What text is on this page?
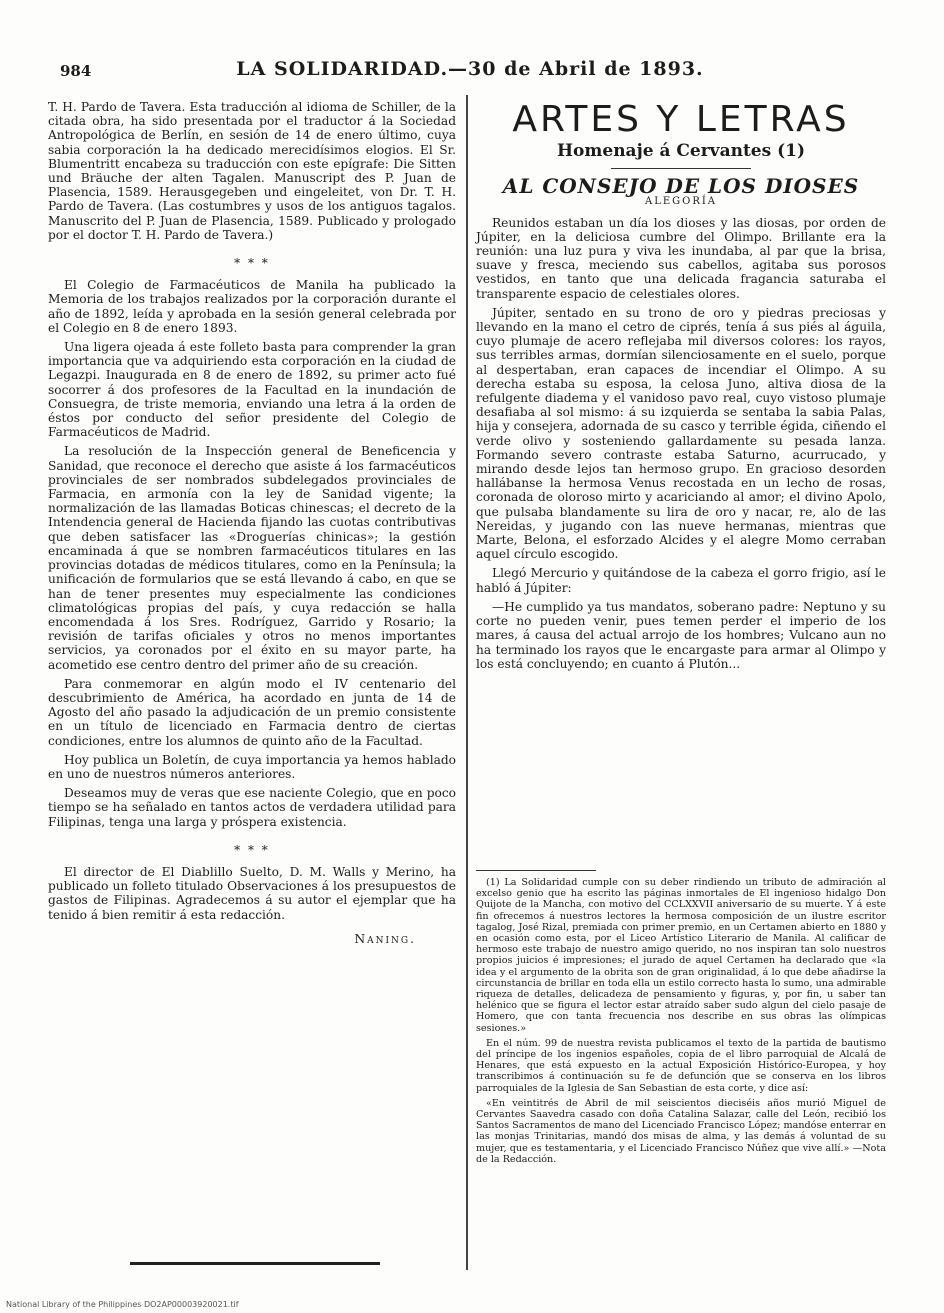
984	LA SOLIDARIDAD.—30 de Abril de 1893.

T. H. Pardo de Tavera. Esta traducción al idioma de Schiller, de la citada obra, ha sido presentada por el traductor á la Sociedad Antropológica de Berlín, en sesión de 14 de enero último, cuya sabia corporación la ha dedicado merecidísimos elogios. El Sr. Blumentritt encabeza su traducción con este epígrafe: Die Sitten und Bräuche der alten Tagalen. Manuscript des P. Juan de Plasencia, 1589. Herausgegeben und eingeleitet, von Dr. T. H. Pardo de Tavera. (Las costumbres y usos de los antiguos tagalos. Manuscrito del P. Juan de Plasencia, 1589. Publicado y prologado por el doctor T. H. Pardo de Tavera.)

* * *

El Colegio de Farmacéuticos de Manila ha publicado la Memoria de los trabajos realizados por la corporación durante el año de 1892, leída y aprobada en la sesión general celebrada por el Colegio en 8 de enero 1893.

Una ligera ojeada á este folleto basta para comprender la gran importancia que va adquiriendo esta corporación en la ciudad de Legazpi. Inaugurada en 8 de enero de 1892, su primer acto fué socorrer á dos profesores de la Facultad en la inundación de Consuegra, de triste memoria, enviando una letra á la orden de éstos por conducto del señor presidente del Colegio de Farmacéuticos de Madrid.

La resolución de la Inspección general de Beneficencia y Sanidad, que reconoce el derecho que asiste á los farmacéuticos provinciales de ser nombrados subdelegados provinciales de Farmacia, en armonía con la ley de Sanidad vigente; la normalización de las llamadas Boticas chinescas; el decreto de la Intendencia general de Hacienda fijando las cuotas contributivas que deben satisfacer las «Droguerías chinicas»; la gestión encaminada á que se nombren farmacéuticos titulares en las provincias dotadas de médicos titulares, como en la Península; la unificación de formularios que se está llevando á cabo, en que se han de tener presentes muy especialmente las condiciones climatológicas propias del país, y cuya redacción se halla encomendada á los Sres. Rodríguez, Garrido y Rosario; la revisión de tarifas oficiales y otros no menos importantes servicios, ya coronados por el éxito en su mayor parte, ha acometido ese centro dentro del primer año de su creación.

Para conmemorar en algún modo el IV centenario del descubrimiento de América, ha acordado en junta de 14 de Agosto del año pasado la adjudicación de un premio consistente en un título de licenciado en Farmacia dentro de ciertas condiciones, entre los alumnos de quinto año de la Facultad.

Hoy publica un Boletín, de cuya importancia ya hemos hablado en uno de nuestros números anteriores.

Deseamos muy de veras que ese naciente Colegio, que en poco tiempo se ha señalado en tantos actos de verdadera utilidad para Filipinas, tenga una larga y próspera existencia.

* * *

El director de El Diablillo Suelto, D. M. Walls y Merino, ha publicado un folleto titulado Observaciones á los presupuestos de gastos de Filipinas. Agradecemos á su autor el ejemplar que ha tenido á bien remitir á esta redacción.

Naning.
ARTES Y LETRAS
Homenaje á Cervantes (1)
AL CONSEJO DE LOS DIOSES
ALEGORÍA

Reunidos estaban un día los dioses y las diosas, por orden de Júpiter, en la deliciosa cumbre del Olimpo. Brillante era la reunión: una luz pura y viva les inundaba, al par que la brisa, suave y fresca, meciendo sus cabellos, agitaba sus porosos vestidos, en tanto que una delicada fragancia saturaba el transparente espacio de celestiales olores.

Júpiter, sentado en su trono de oro y piedras preciosas y llevando en la mano el cetro de ciprés, tenía á sus piés al águila, cuyo plumaje de acero reflejaba mil diversos colores: los rayos, sus terribles armas, dormían silenciosamente en el suelo, porque al despertaban, eran capaces de incendiar el Olimpo. A su derecha estaba su esposa, la celosa Juno, altiva diosa de la refulgente diadema y el vanidoso pavo real, cuyo vistoso plumaje desafiaba al sol mismo: á su izquierda se sentaba la sabia Palas, hija y consejera, adornada de su casco y terrible égida, ciñendo el verde olivo y sosteniendo gallardamente su pesada lanza. Formando severo contraste estaba Saturno, acurrucado, y mirando desde lejos tan hermoso grupo. En gracioso desorden hallábanse la hermosa Venus recostada en un lecho de rosas, coronada de oloroso mirto y acariciando al amor; el divino Apolo, que pulsaba blandamente su lira de oro y nacar, re, alo de las Nereidas, y jugando con las nueve hermanas, mientras que Marte, Belona, el esforzado Alcides y el alegre Momo cerraban aquel círculo escogido.

Llegó Mercurio y quitándose de la cabeza el gorro frigio, así le habló á Júpiter:

—He cumplido ya tus mandatos, soberano padre: Neptuno y su corte no pueden venir, pues temen perder el imperio de los mares, á causa del actual arrojo de los hombres; Vulcano aun no ha terminado los rayos que le encargaste para armar al Olimpo y los está concluyendo; en cuanto á Plutón...

(1) La Solidaridad cumple con su deber rindiendo un tributo de admiración al excelso genio que ha escrito las páginas inmortales de El ingenioso hidalgo Don Quijote de la Mancha, con motivo del CCLXXVII aniversario de su muerte. Y á este fin ofrecemos á nuestros lectores la hermosa composición de un ilustre escritor tagalog, José Rizal, premiada con primer premio, en un Certamen abierto en 1880 y en ocasión como esta, por el Liceo Artístico Literario de Manila. Al calificar de hermoso este trabajo de nuestro amigo querido, no nos inspiran tan solo nuestros propios juicios é impresiones; el jurado de aquel Certamen ha declarado que «la idea y el argumento de la obrita son de gran originalidad, á lo que debe añadirse la circunstancia de brillar en toda ella un estilo correcto hasta lo sumo, una admirable riqueza de detalles, delicadeza de pensamiento y figuras, y, por fin, u saber tan helénico que se figura el lector estar atraído saber sudo algun del cielo pasaje de Homero, que con tanta frecuencia nos describe en sus obras las olímpicas sesiones.»

En el núm. 99 de nuestra revista publicamos el texto de la partida de bautismo del príncipe de los ingenios españoles, copia de el libro parroquial de Alcalá de Henares, que está expuesto en la actual Exposición Histórico-Europea, y hoy transcribimos á continuación su fe de defunción que se conserva en los libros parroquiales de la Iglesia de San Sebastian de esta corte, y dice así:

«En veintitrés de Abril de mil seiscientos dieciséis años murió Miguel de Cervantes Saavedra casado con doña Catalina Salazar, calle del León, recibió los Santos Sacramentos de mano del Licenciado Francisco López; mandóse enterrar en las monjas Trinitarias, mandó dos misas de alma, y las demás á voluntad de su mujer, que es testamentaria, y el Licenciado Francisco Núñez que vive allí.» —Nota de la Redacción.

National Library of the Philippines DO2AP00003920021.tif
